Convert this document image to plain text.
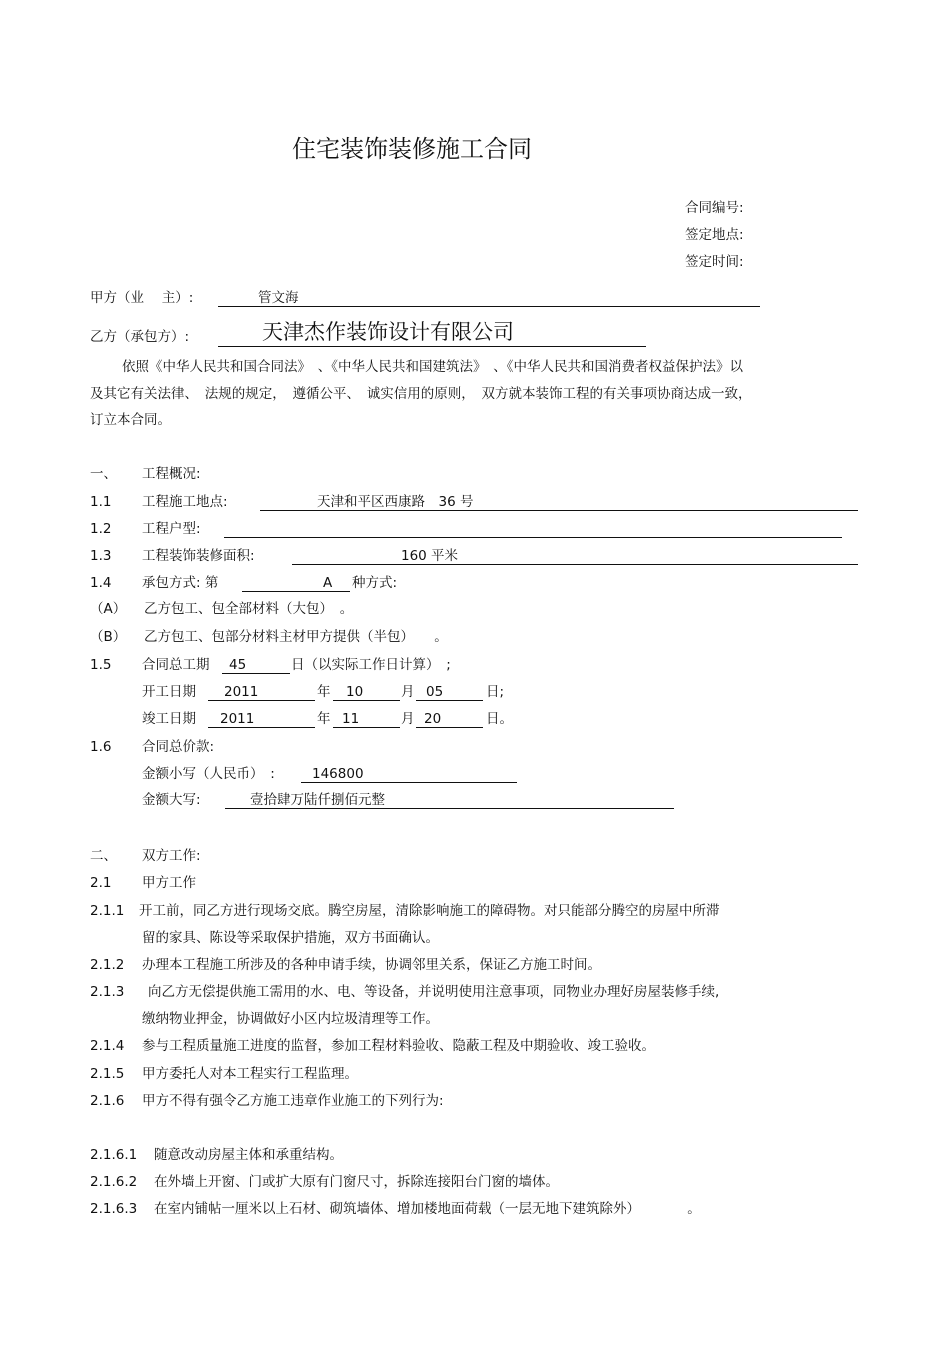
住宅装饰装修施工合同
合同编号:
签定地点:
签定时间:
甲方（业　 主）:	管文海
乙方（承包方）:	天津杰作装饰设计有限公司
依照《中华人民共和国合同法》　、《中华人民共和国建筑法》　、《中华人民共和国消费者权益保护法》以
及其它有关法律、　法规的规定，　遵循公平、　诚实信用的原则，　双方就本装饰工程的有关事项协商达成一致，
订立本合同。
一、 工程概况:
1.1 工程施工地点:	天津和平区西康路　36 号
1.2 工程户型:
1.3 工程装饰装修面积:	160 平米
1.4 承包方式: 第	A 种方式:
（A） 乙方包工、包全部材料（大包）　。
（B） 乙方包工、包部分材料主材甲方提供（半包）　　。
1.5 合同总工期 45	日（以实际工作日计算）　;
开工日期 2011	年 10	月 05	日;
竣工日期 2011	年 11	月 20	日。
1.6 合同总价款:
金额小写（人民币）　:	146800
金额大写:	壹拾肆万陆仟捌佰元整
二、 双方工作:
2.1 甲方工作
2.1.1 开工前，同乙方进行现场交底。腾空房屋，清除影响施工的障碍物。对只能部分腾空的房屋中所滞
留的家具、陈设等采取保护措施，双方书面确认。
2.1.2 办理本工程施工所涉及的各种申请手续，协调邻里关系，保证乙方施工时间。
2.1.3 向乙方无偿提供施工需用的水、电、等设备，并说明使用注意事项，同物业办理好房屋装修手续,
缴纳物业押金，协调做好小区内垃圾清理等工作。
2.1.4 参与工程质量施工进度的监督，参加工程材料验收、隐蔽工程及中期验收、竣工验收。
2.1.5 甲方委托人对本工程实行工程监理。
2.1.6 甲方不得有强令乙方施工违章作业施工的下列行为:
2.1.6.1 随意改动房屋主体和承重结构。
2.1.6.2 在外墙上开窗、门或扩大原有门窗尺寸，拆除连接阳台门窗的墙体。
2.1.6.3 在室内铺帖一厘米以上石材、砌筑墙体、增加楼地面荷载（一层无地下建筑除外）　　　　。
